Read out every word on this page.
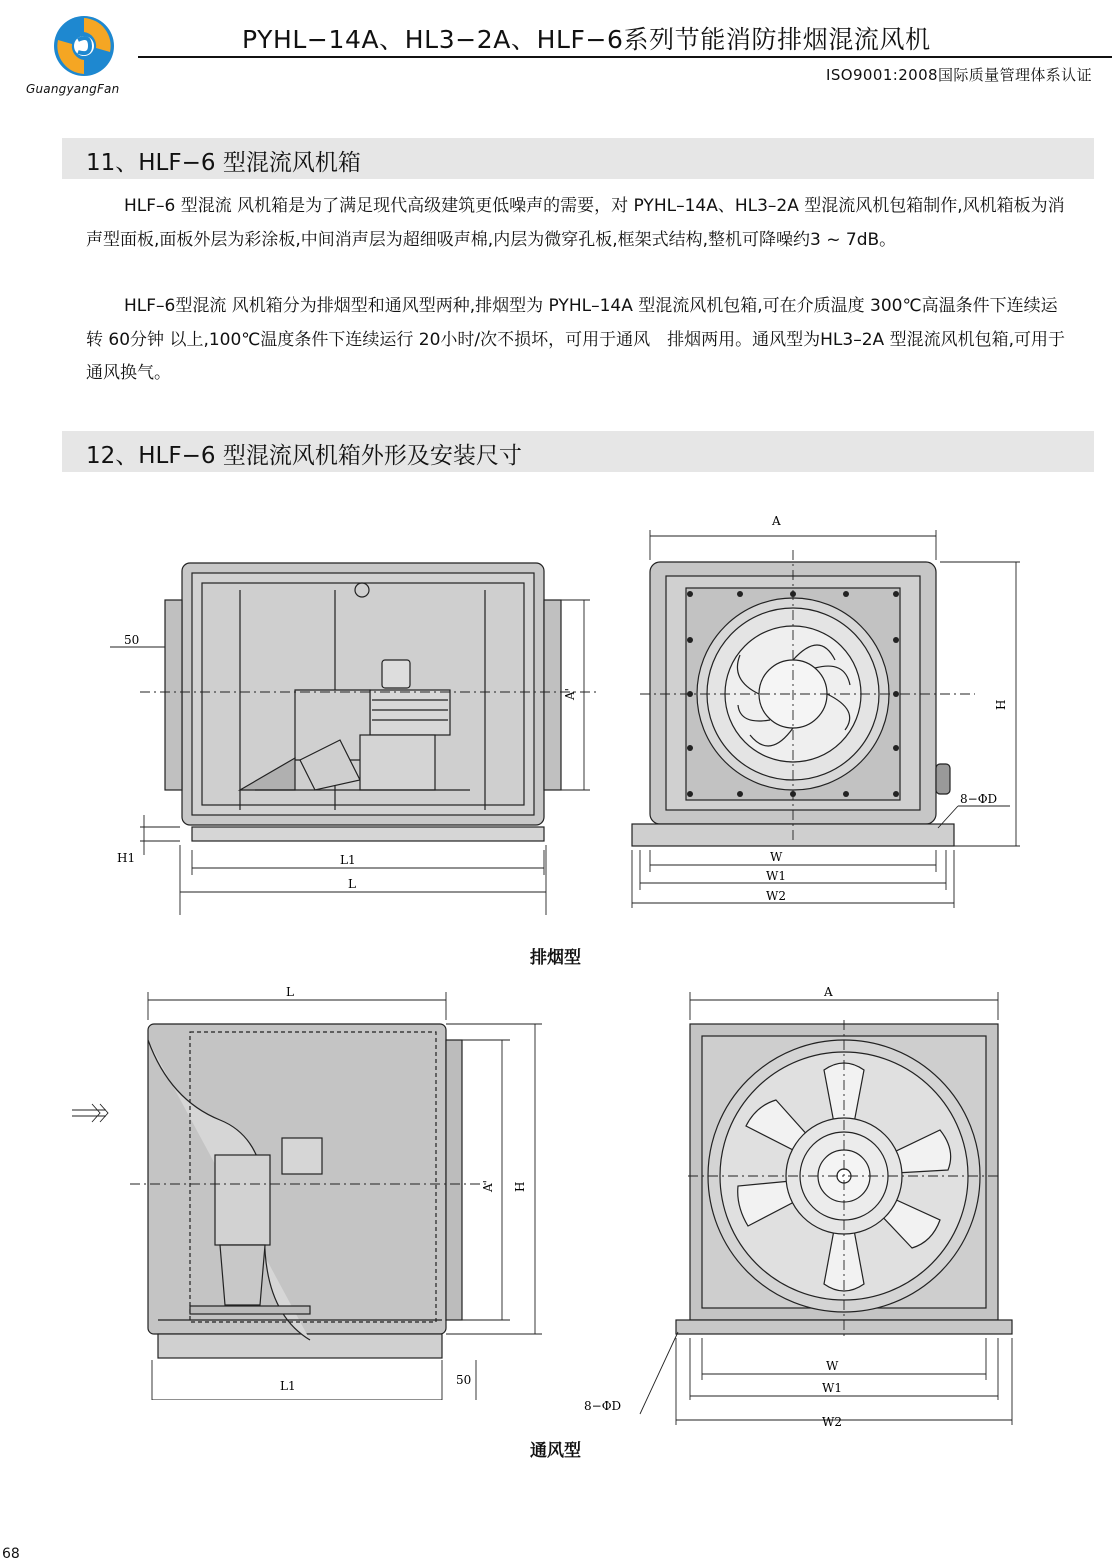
GuangyangFan
PYHL−14A、HL3−2A、HLF−6系列节能消防排烟混流风机
ISO9001:2008国际质量管理体系认证
11、HLF−6 型混流风机箱
HLF–6 型混流 风机箱是为了满足现代高级建筑更低噪声的需要，对 PYHL–14A、HL3–2A 型混流风机包箱制作,风机箱板为消声型面板,面板外层为彩涂板,中间消声层为超细吸声棉,内层为微穿孔板,框架式结构,整机可降噪约3 ~ 7dB。
HLF–6型混流 风机箱分为排烟型和通风型两种,排烟型为 PYHL–14A 型混流风机包箱,可在介质温度 300℃高温条件下连续运转 60分钟 以上,100℃温度条件下连续运行 20小时/次不损坏，可用于通风　排烟两用。通风型为HL3–2A 型混流风机包箱,可用于通风换气。
12、HLF−6 型混流风机箱外形及安装尺寸
50
H1	L1
L
A'
A
H
8−ΦD
W
W1
W2
排烟型
L
A' H
L1	50
A
W
W1
W2
8−ΦD
通风型
68
